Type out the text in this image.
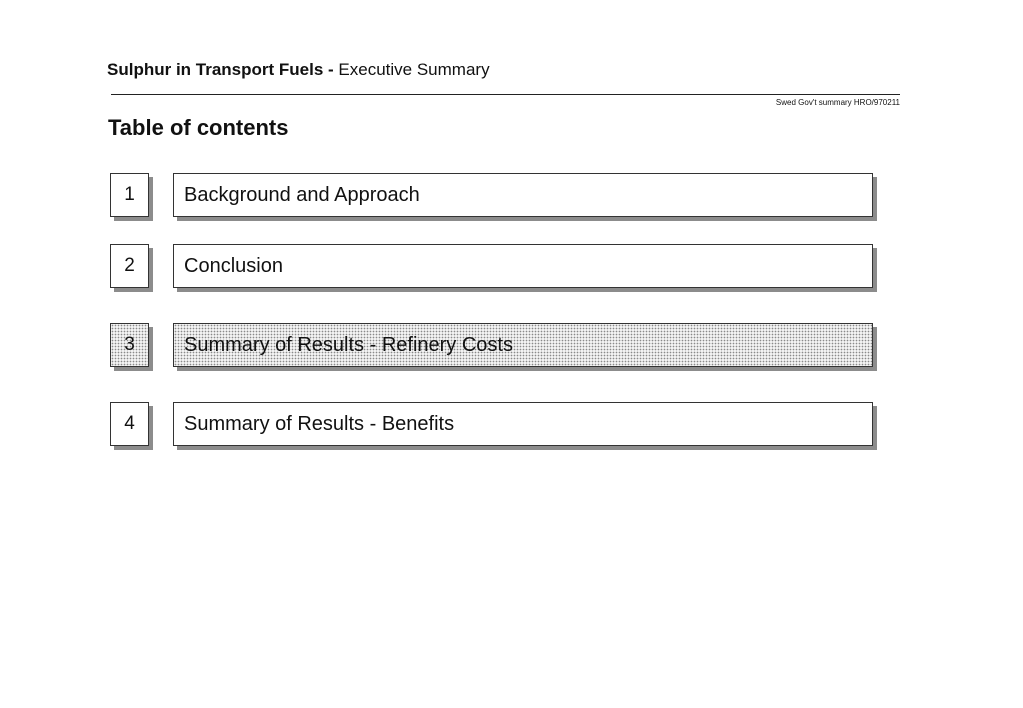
Sulphur in Transport Fuels - Executive Summary
Swed Gov't summary HRO/970211
Table of contents
1	Background and Approach
2	Conclusion
3	Summary of Results - Refinery Costs
4	Summary of Results - Benefits
